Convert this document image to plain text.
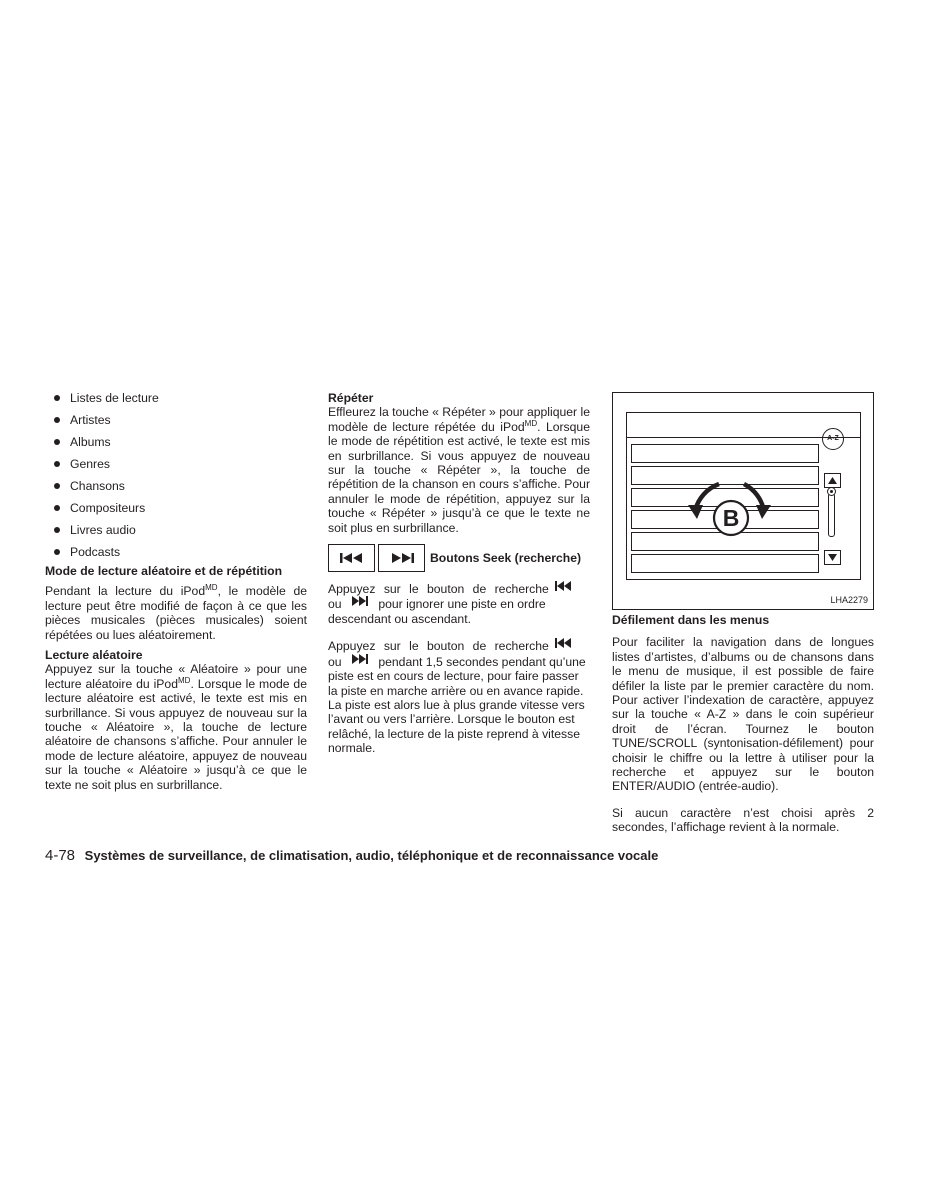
Listes de lecture
Artistes
Albums
Genres
Chansons
Compositeurs
Livres audio
Podcasts
Mode de lecture aléatoire et de répétition

Pendant la lecture du iPod$^{MD}$, le modèle de lecture peut être modifié de façon à ce que les pièces musicales (pièces musicales) soient répétées ou lues aléatoirement.

Lecture aléatoire

Appuyez sur la touche « Aléatoire » pour une lecture aléatoire du iPod$^{MD}$. Lorsque le mode de lecture aléatoire est activé, le texte est mis en surbrillance. Si vous appuyez de nouveau sur la touche « Aléatoire », la touche de lecture aléatoire de chansons s’affiche. Pour annuler le mode de lecture aléatoire, appuyez de nouveau sur la touche « Aléatoire » jusqu’à ce que le texte ne soit plus en surbrillance.

Répéter

Effleurez la touche « Répéter » pour appliquer le modèle de lecture répétée du iPod$^{MD}$. Lorsque le mode de répétition est activé, le texte est mis en surbrillance. Si vous appuyez de nouveau sur la touche « Répéter », la touche de répétition de la chanson en cours s’affiche. Pour annuler le mode de répétition, appuyez sur la touche « Répéter » jusqu’à ce que le texte ne soit plus en surbrillance.

Boutons Seek (recherche)

Appuyez sur le bouton de recherche
ou	pour ignorer une piste en ordre descendant ou ascendant.

Appuyez sur le bouton de recherche
ou	pendant 1,5 secondes pendant qu’une piste est en cours de lecture, pour faire passer la piste en marche arrière ou en avance rapide. La piste est alors lue à plus grande vitesse vers l’avant ou vers l’arrière. Lorsque le bouton est relâché, la lecture de la piste reprend à vitesse normale.

A-Z
B
LHA2279
Défilement dans les menus

Pour faciliter la navigation dans de longues listes d’artistes, d’albums ou de chansons dans le menu de musique, il est possible de faire défiler la liste par le premier caractère du nom. Pour activer l’indexation de caractère, appuyez sur la touche « A-Z » dans le coin supérieur droit de l’écran. Tournez le bouton TUNE/SCROLL (syntonisation-défilement) pour choisir le chiffre ou la lettre à utiliser pour la recherche et appuyez sur le bouton ENTER/AUDIO (entrée-audio).

Si aucun caractère n’est choisi après 2 secondes, l’affichage revient à la normale.

4-78 Systèmes de surveillance, de climatisation, audio, téléphonique et de reconnaissance vocale
